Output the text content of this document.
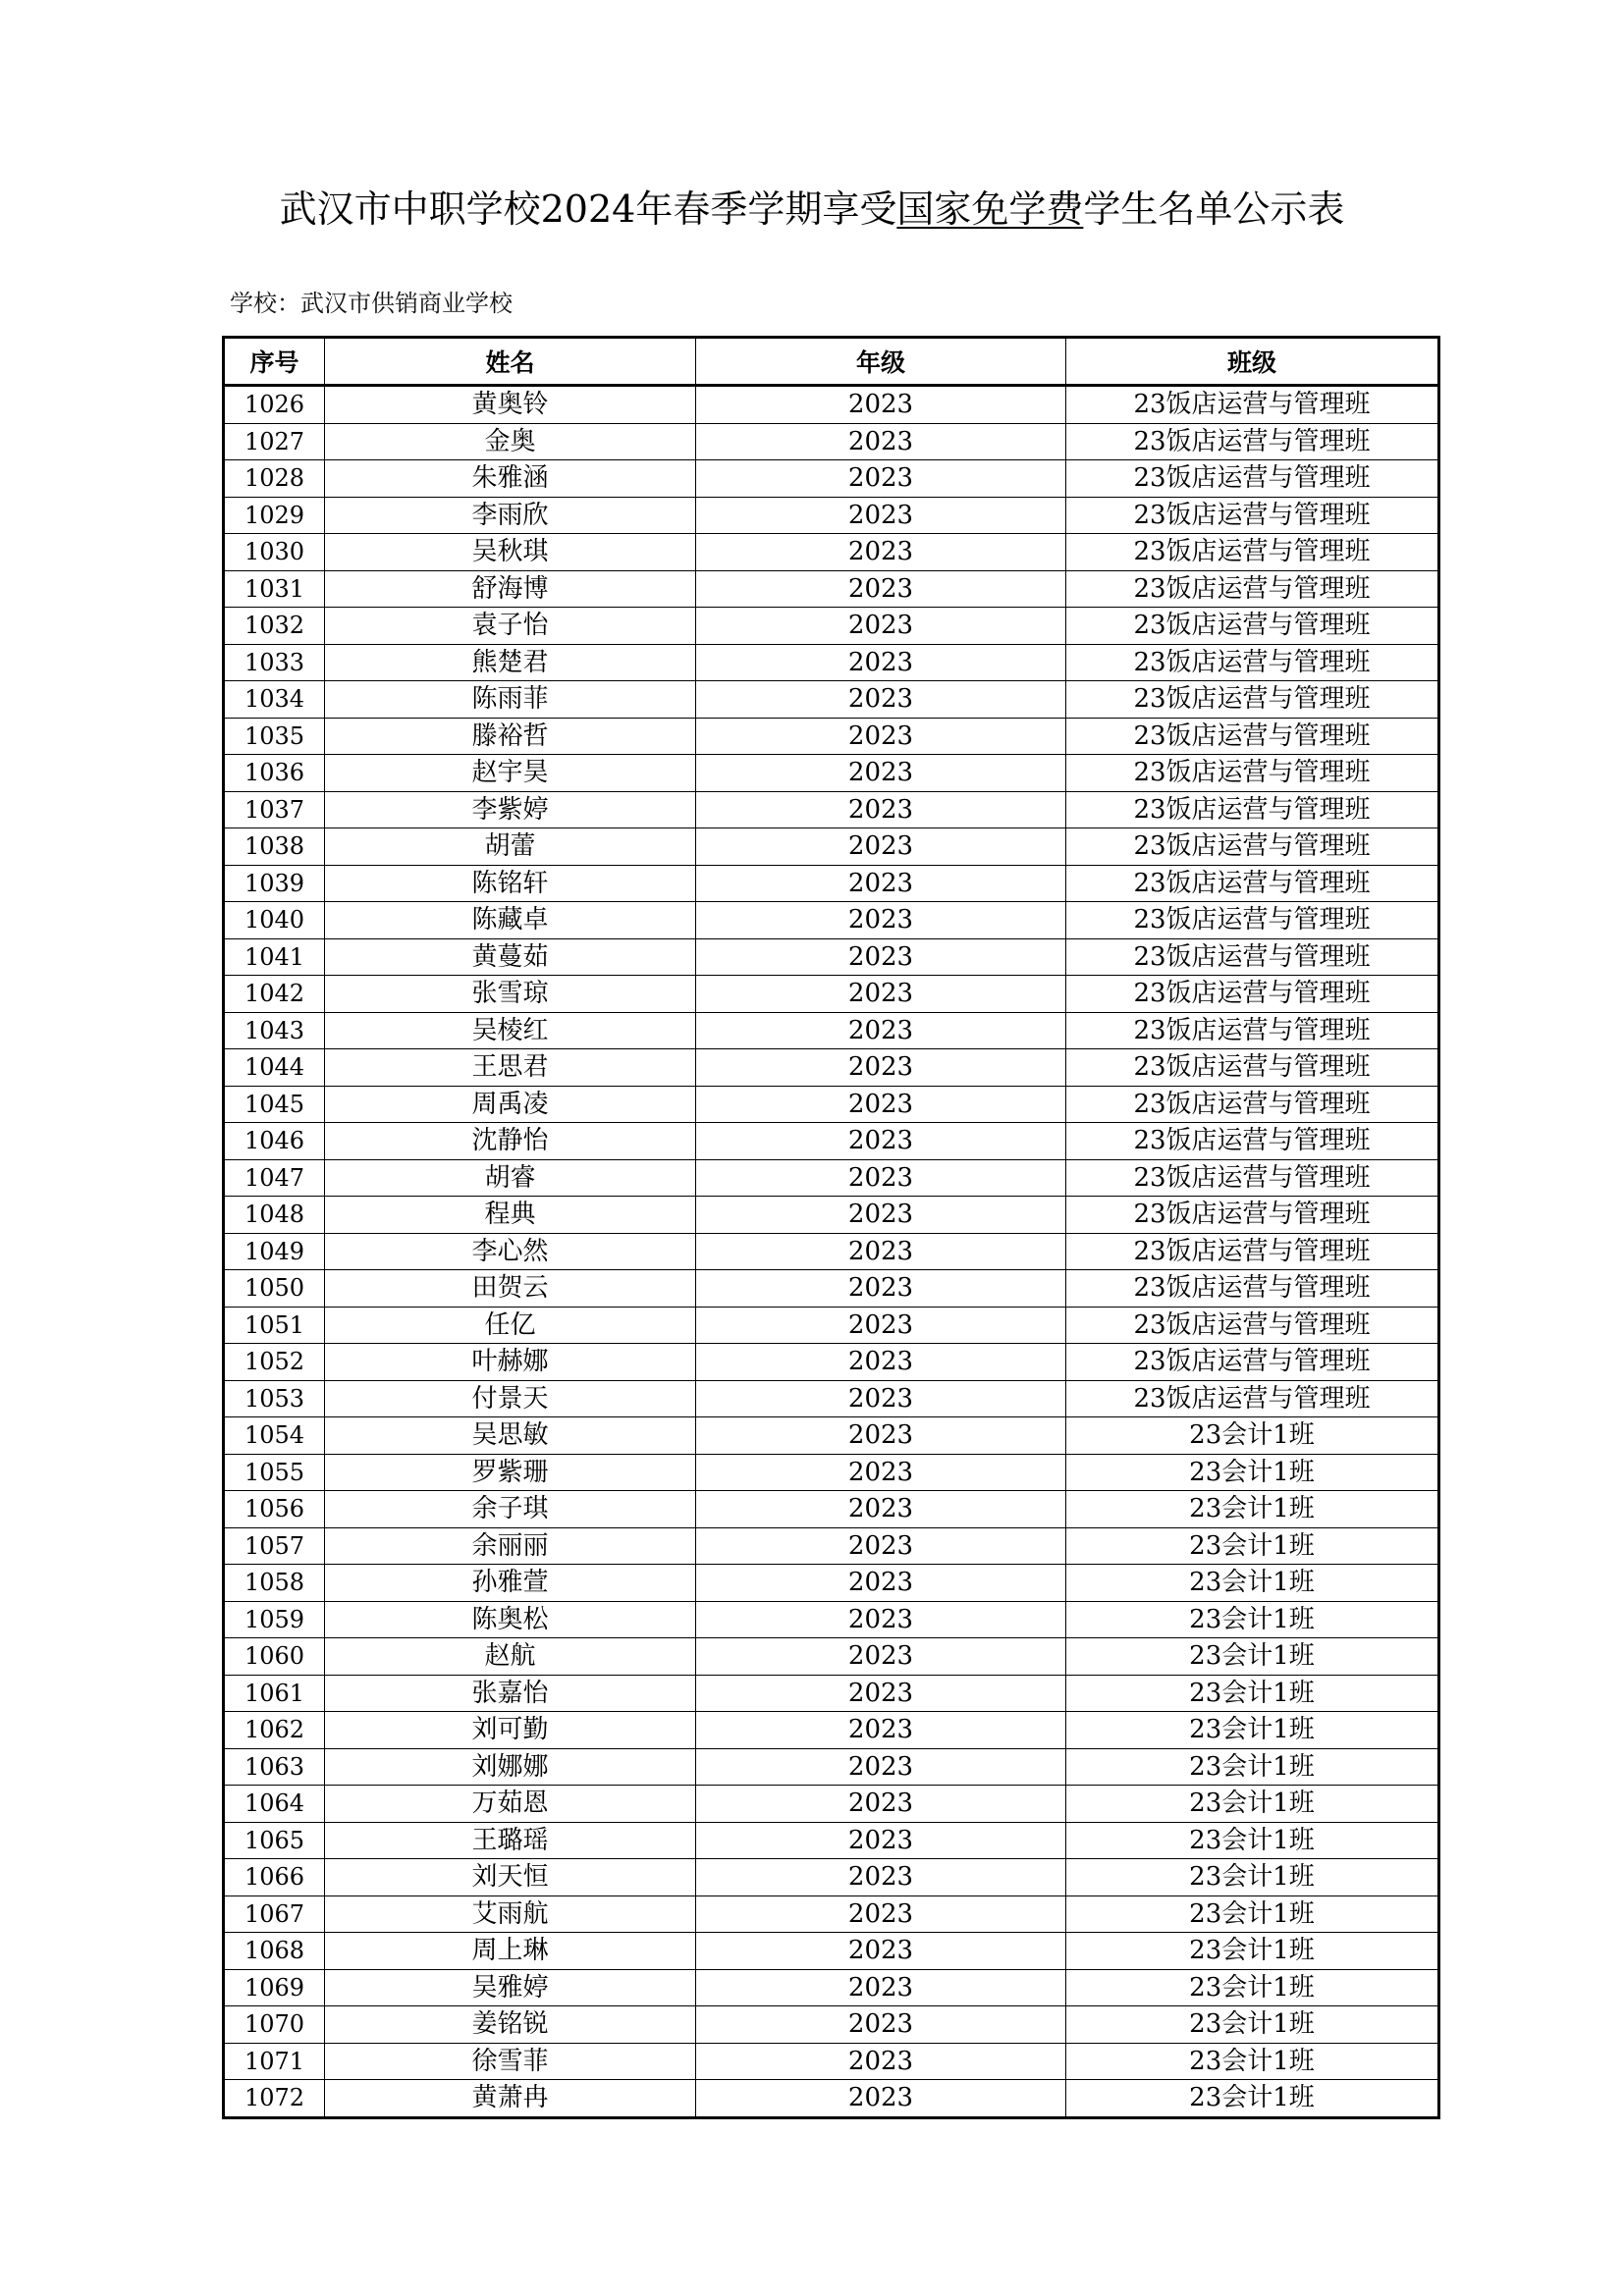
武汉市中职学校2024年春季学期享受国家免学费学生名单公示表
学校：武汉市供销商业学校
序号	姓名	年级	班级
1026	黄奥铃	2023	23饭店运营与管理班
1027	金奥	2023	23饭店运营与管理班
1028	朱雅涵	2023	23饭店运营与管理班
1029	李雨欣	2023	23饭店运营与管理班
1030	吴秋琪	2023	23饭店运营与管理班
1031	舒海博	2023	23饭店运营与管理班
1032	袁子怡	2023	23饭店运营与管理班
1033	熊楚君	2023	23饭店运营与管理班
1034	陈雨菲	2023	23饭店运营与管理班
1035	滕裕哲	2023	23饭店运营与管理班
1036	赵宇昊	2023	23饭店运营与管理班
1037	李紫婷	2023	23饭店运营与管理班
1038	胡蕾	2023	23饭店运营与管理班
1039	陈铭轩	2023	23饭店运营与管理班
1040	陈藏卓	2023	23饭店运营与管理班
1041	黄蔓茹	2023	23饭店运营与管理班
1042	张雪琼	2023	23饭店运营与管理班
1043	吴棱红	2023	23饭店运营与管理班
1044	王思君	2023	23饭店运营与管理班
1045	周禹凌	2023	23饭店运营与管理班
1046	沈静怡	2023	23饭店运营与管理班
1047	胡睿	2023	23饭店运营与管理班
1048	程典	2023	23饭店运营与管理班
1049	李心然	2023	23饭店运营与管理班
1050	田贺云	2023	23饭店运营与管理班
1051	任亿	2023	23饭店运营与管理班
1052	叶赫娜	2023	23饭店运营与管理班
1053	付景天	2023	23饭店运营与管理班
1054	吴思敏	2023	23会计1班
1055	罗紫珊	2023	23会计1班
1056	余子琪	2023	23会计1班
1057	余丽丽	2023	23会计1班
1058	孙雅萱	2023	23会计1班
1059	陈奥松	2023	23会计1班
1060	赵航	2023	23会计1班
1061	张嘉怡	2023	23会计1班
1062	刘可勤	2023	23会计1班
1063	刘娜娜	2023	23会计1班
1064	万茹恩	2023	23会计1班
1065	王璐瑶	2023	23会计1班
1066	刘天恒	2023	23会计1班
1067	艾雨航	2023	23会计1班
1068	周上琳	2023	23会计1班
1069	吴雅婷	2023	23会计1班
1070	姜铭锐	2023	23会计1班
1071	徐雪菲	2023	23会计1班
1072	黄萧冉	2023	23会计1班
